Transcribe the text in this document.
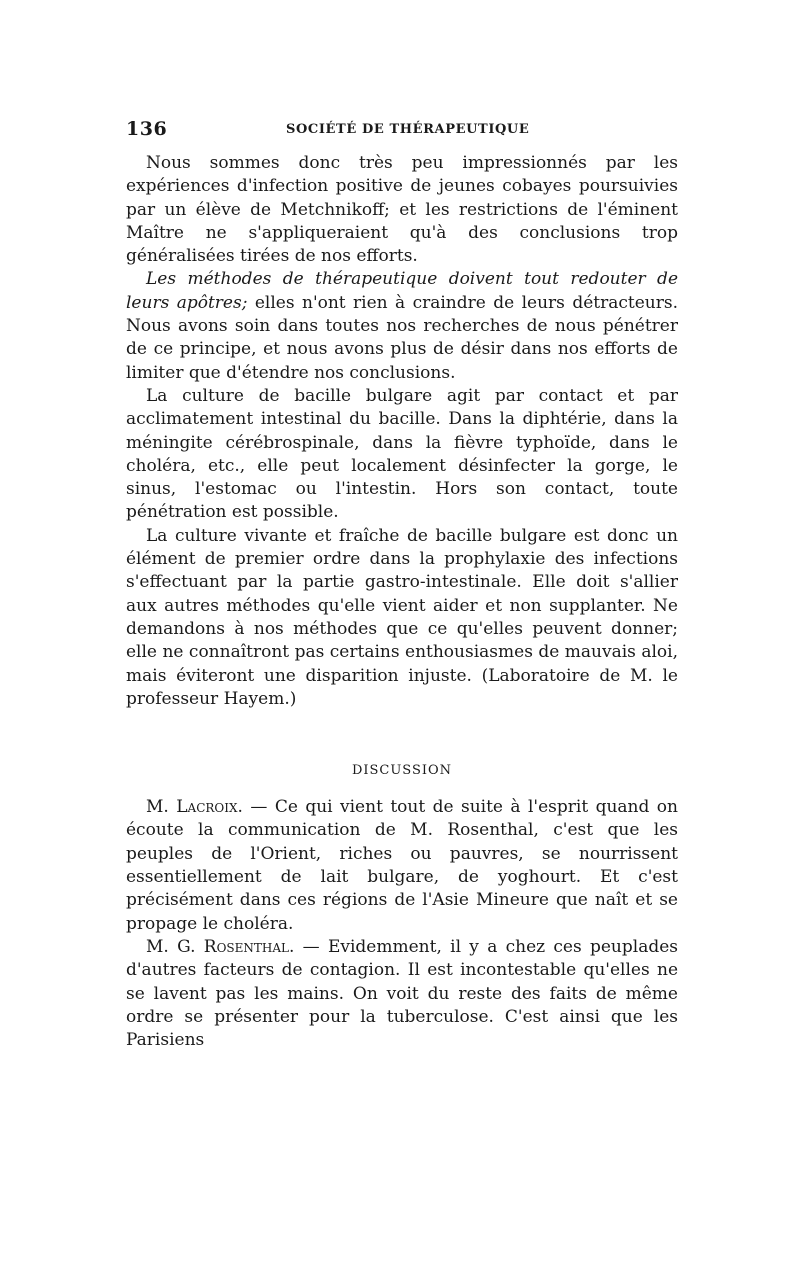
136	SOCIÉTÉ DE THÉRAPEUTIQUE

Nous sommes donc très peu impressionnés par les expériences d'infection positive de jeunes cobayes poursuivies par un élève de Metchnikoff; et les restrictions de l'éminent Maître ne s'appliqueraient qu'à des conclusions trop généralisées tirées de nos efforts.

Les méthodes de thérapeutique doivent tout redouter de leurs apôtres; elles n'ont rien à craindre de leurs détracteurs. Nous avons soin dans toutes nos recherches de nous pénétrer de ce principe, et nous avons plus de désir dans nos efforts de limiter que d'étendre nos conclusions.

La culture de bacille bulgare agit par contact et par acclimatement intestinal du bacille. Dans la diphtérie, dans la méningite cérébrospinale, dans la fièvre typhoïde, dans le choléra, etc., elle peut localement désinfecter la gorge, le sinus, l'estomac ou l'intestin. Hors son contact, toute pénétration est possible.

La culture vivante et fraîche de bacille bulgare est donc un élément de premier ordre dans la prophylaxie des infections s'effectuant par la partie gastro-intestinale. Elle doit s'allier aux autres méthodes qu'elle vient aider et non supplanter. Ne demandons à nos méthodes que ce qu'elles peuvent donner; elle ne connaîtront pas certains enthousiasmes de mauvais aloi, mais éviteront une disparition injuste. (Laboratoire de M. le professeur Hayem.)

DISCUSSION

M. Lacroix. — Ce qui vient tout de suite à l'esprit quand on écoute la communication de M. Rosenthal, c'est que les peuples de l'Orient, riches ou pauvres, se nourrissent essentiellement de lait bulgare, de yoghourt. Et c'est précisément dans ces régions de l'Asie Mineure que naît et se propage le choléra.

M. G. Rosenthal. — Evidemment, il y a chez ces peuplades d'autres facteurs de contagion. Il est incontestable qu'elles ne se lavent pas les mains. On voit du reste des faits de même ordre se présenter pour la tuberculose. C'est ainsi que les Parisiens
